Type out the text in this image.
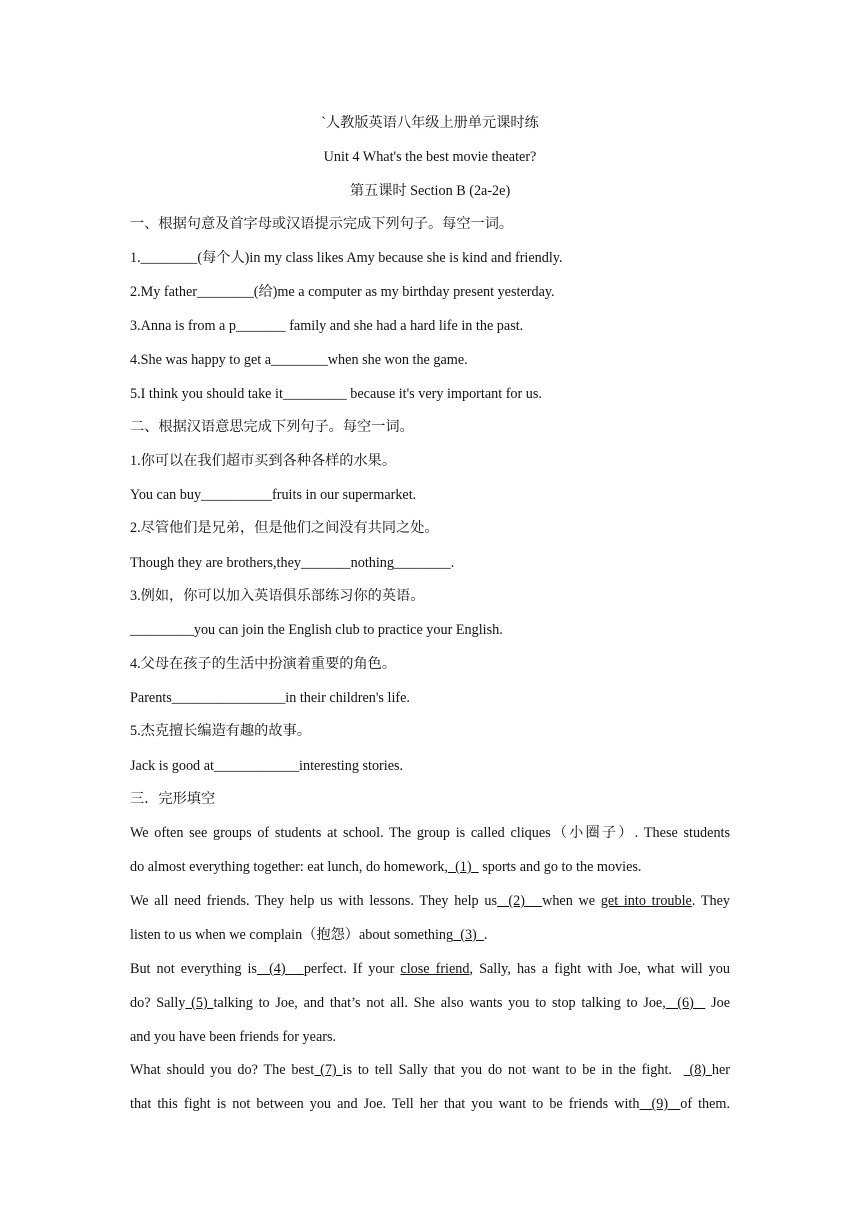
`人教版英语八年级上册单元课时练
Unit 4 What's the best movie theater?
第五课时 Section B (2a-2e)
一、根据句意及首字母或汉语提示完成下列句子。每空一词。
1.________(每个人)in my class likes Amy because she is kind and friendly.
2.My father________(给)me a computer as my birthday present yesterday.
3.Anna is from a p_______ family and she had a hard life in the past.
4.She was happy to get a________when she won the game.
5.I think you should take it_________ because it's very important for us.
二、根据汉语意思完成下列句子。每空一词。
1.你可以在我们超市买到各种各样的水果。
You can buy__________fruits in our supermarket.
2.尽管他们是兄弟，但是他们之间没有共同之处。
Though they are brothers,they_______nothing________.
3.例如，你可以加入英语俱乐部练习你的英语。
_________you can join the English club to practice your English.
4.父母在孩子的生活中扮演着重要的角色。
Parents________________in their children's life.
5.杰克擅长编造有趣的故事。
Jack is good at____________interesting stories.
三．完形填空
We often see groups of students at school. The group is called cliques（小圈子）. These students
do almost everything together: eat lunch, do homework,  (1)   sports and go to the movies.
We all need friends. They help us with lessons. They help us  (2)   when we get into trouble. They
listen to us when we complain（抱怨）about something  (3)  .
But not everything is  (4)   perfect. If your close friend, Sally, has a fight with Joe, what will you
do? Sally (5) talking to Joe, and that’s not all. She also wants you to stop talking to Joe,  (6)   Joe
and you have been friends for years.
What should you do? The best (7) is to tell Sally that you do not want to be in the fight.   (8) her
that this fight is not between you and Joe. Tell her that you want to be friends with  (9)  of them.
